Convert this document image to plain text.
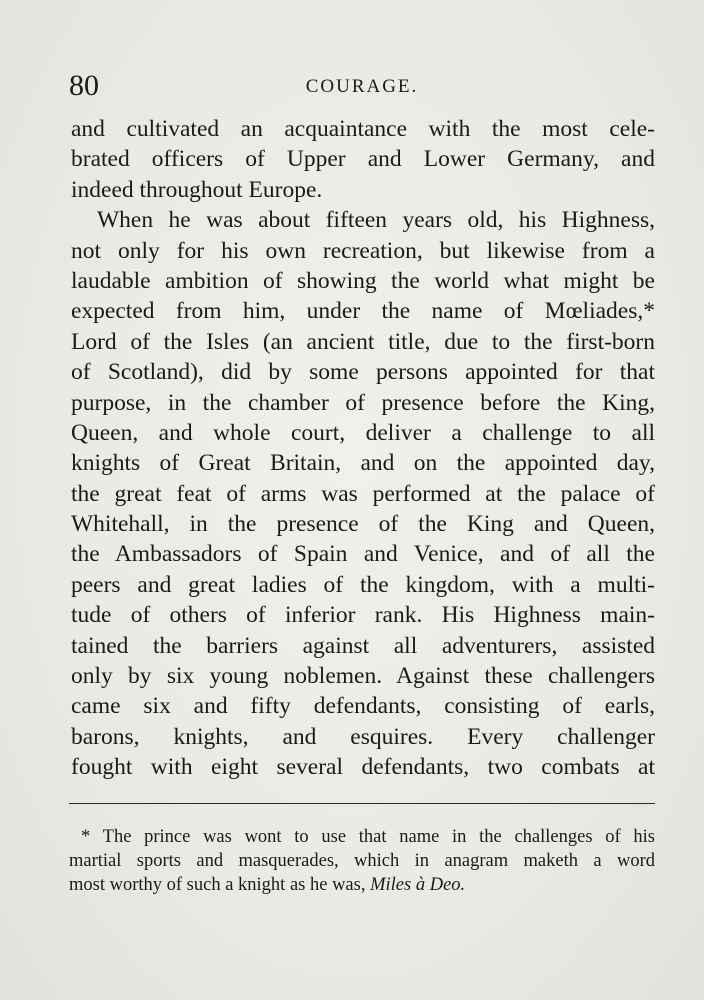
80	COURAGE.
and cultivated an acquaintance with the most cele-
brated officers of Upper and Lower Germany, and
indeed throughout Europe.
When he was about fifteen years old, his Highness,
not only for his own recreation, but likewise from a
laudable ambition of showing the world what might be
expected from him, under the name of Mœliades,*
Lord of the Isles (an ancient title, due to the first-born
of Scotland), did by some persons appointed for that
purpose, in the chamber of presence before the King,
Queen, and whole court, deliver a challenge to all
knights of Great Britain, and on the appointed day,
the great feat of arms was performed at the palace of
Whitehall, in the presence of the King and Queen,
the Ambassadors of Spain and Venice, and of all the
peers and great ladies of the kingdom, with a multi-
tude of others of inferior rank. His Highness main-
tained the barriers against all adventurers, assisted
only by six young noblemen. Against these challengers
came six and fifty defendants, consisting of earls,
barons, knights, and esquires. Every challenger
fought with eight several defendants, two combats at
* The prince was wont to use that name in the challenges of his
martial sports and masquerades, which in anagram maketh a word
most worthy of such a knight as he was, Miles à Deo.
